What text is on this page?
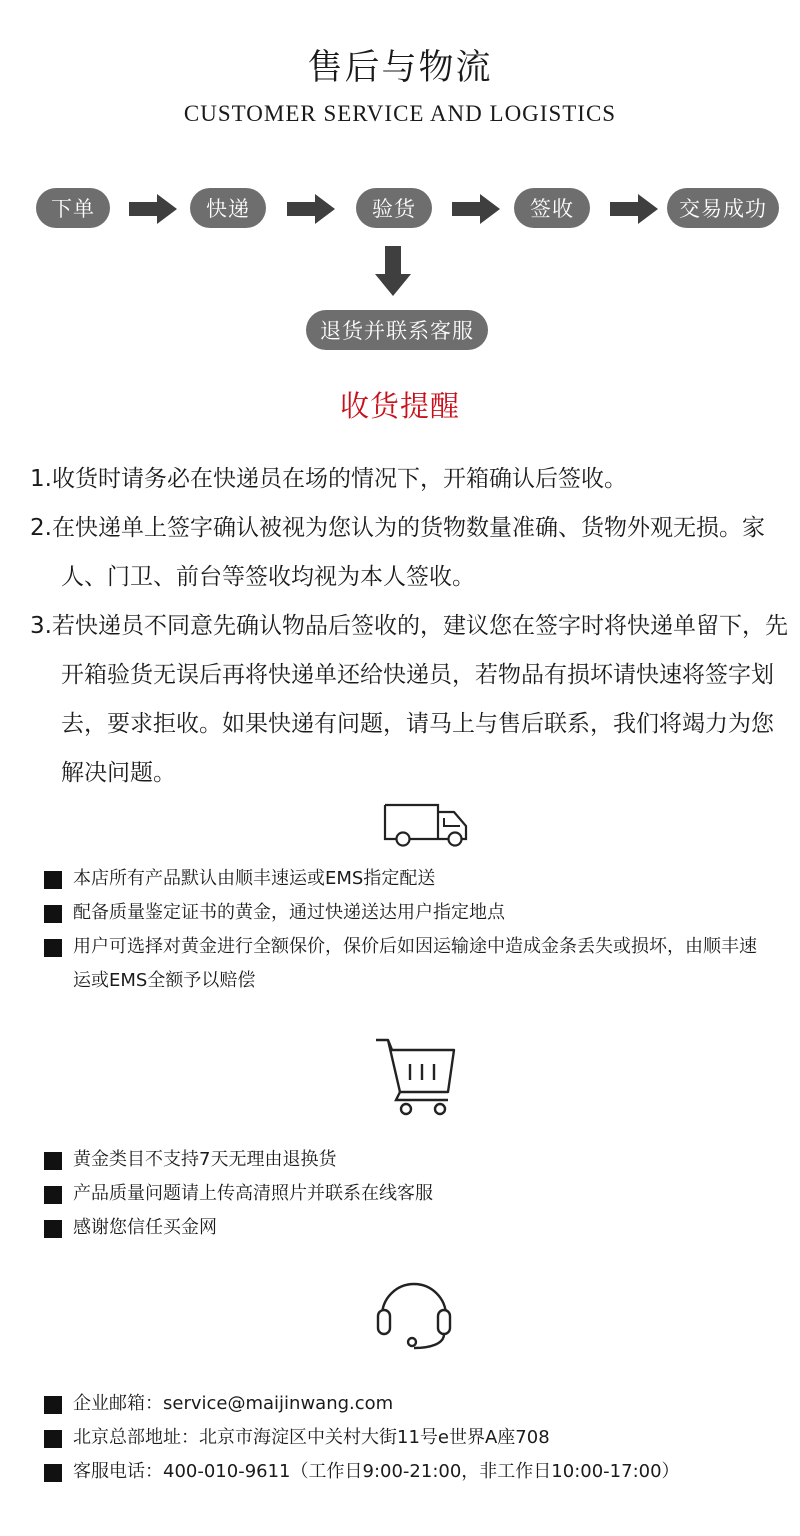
售后与物流
CUSTOMER SERVICE AND LOGISTICS
下单	快递	验货	签收	交易成功
退货并联系客服
收货提醒
1.收货时请务必在快递员在场的情况下，开箱确认后签收。
2.在快递单上签字确认被视为您认为的货物数量准确、货物外观无损。家人、门卫、前台等签收均视为本人签收。
3.若快递员不同意先确认物品后签收的，建议您在签字时将快递单留下，先开箱验货无误后再将快递单还给快递员，若物品有损坏请快速将签字划去，要求拒收。如果快递有问题，请马上与售后联系，我们将竭力为您解决问题。
本店所有产品默认由顺丰速运或EMS指定配送
配备质量鉴定证书的黄金，通过快递送达用户指定地点
用户可选择对黄金进行全额保价，保价后如因运输途中造成金条丢失或损坏，由顺丰速运或EMS全额予以赔偿
黄金类目不支持7天无理由退换货
产品质量问题请上传高清照片并联系在线客服
感谢您信任买金网
企业邮箱：service@maijinwang.com
北京总部地址：北京市海淀区中关村大街11号e世界A座708
客服电话：400-010-9611（工作日9:00-21:00，非工作日10:00-17:00）
